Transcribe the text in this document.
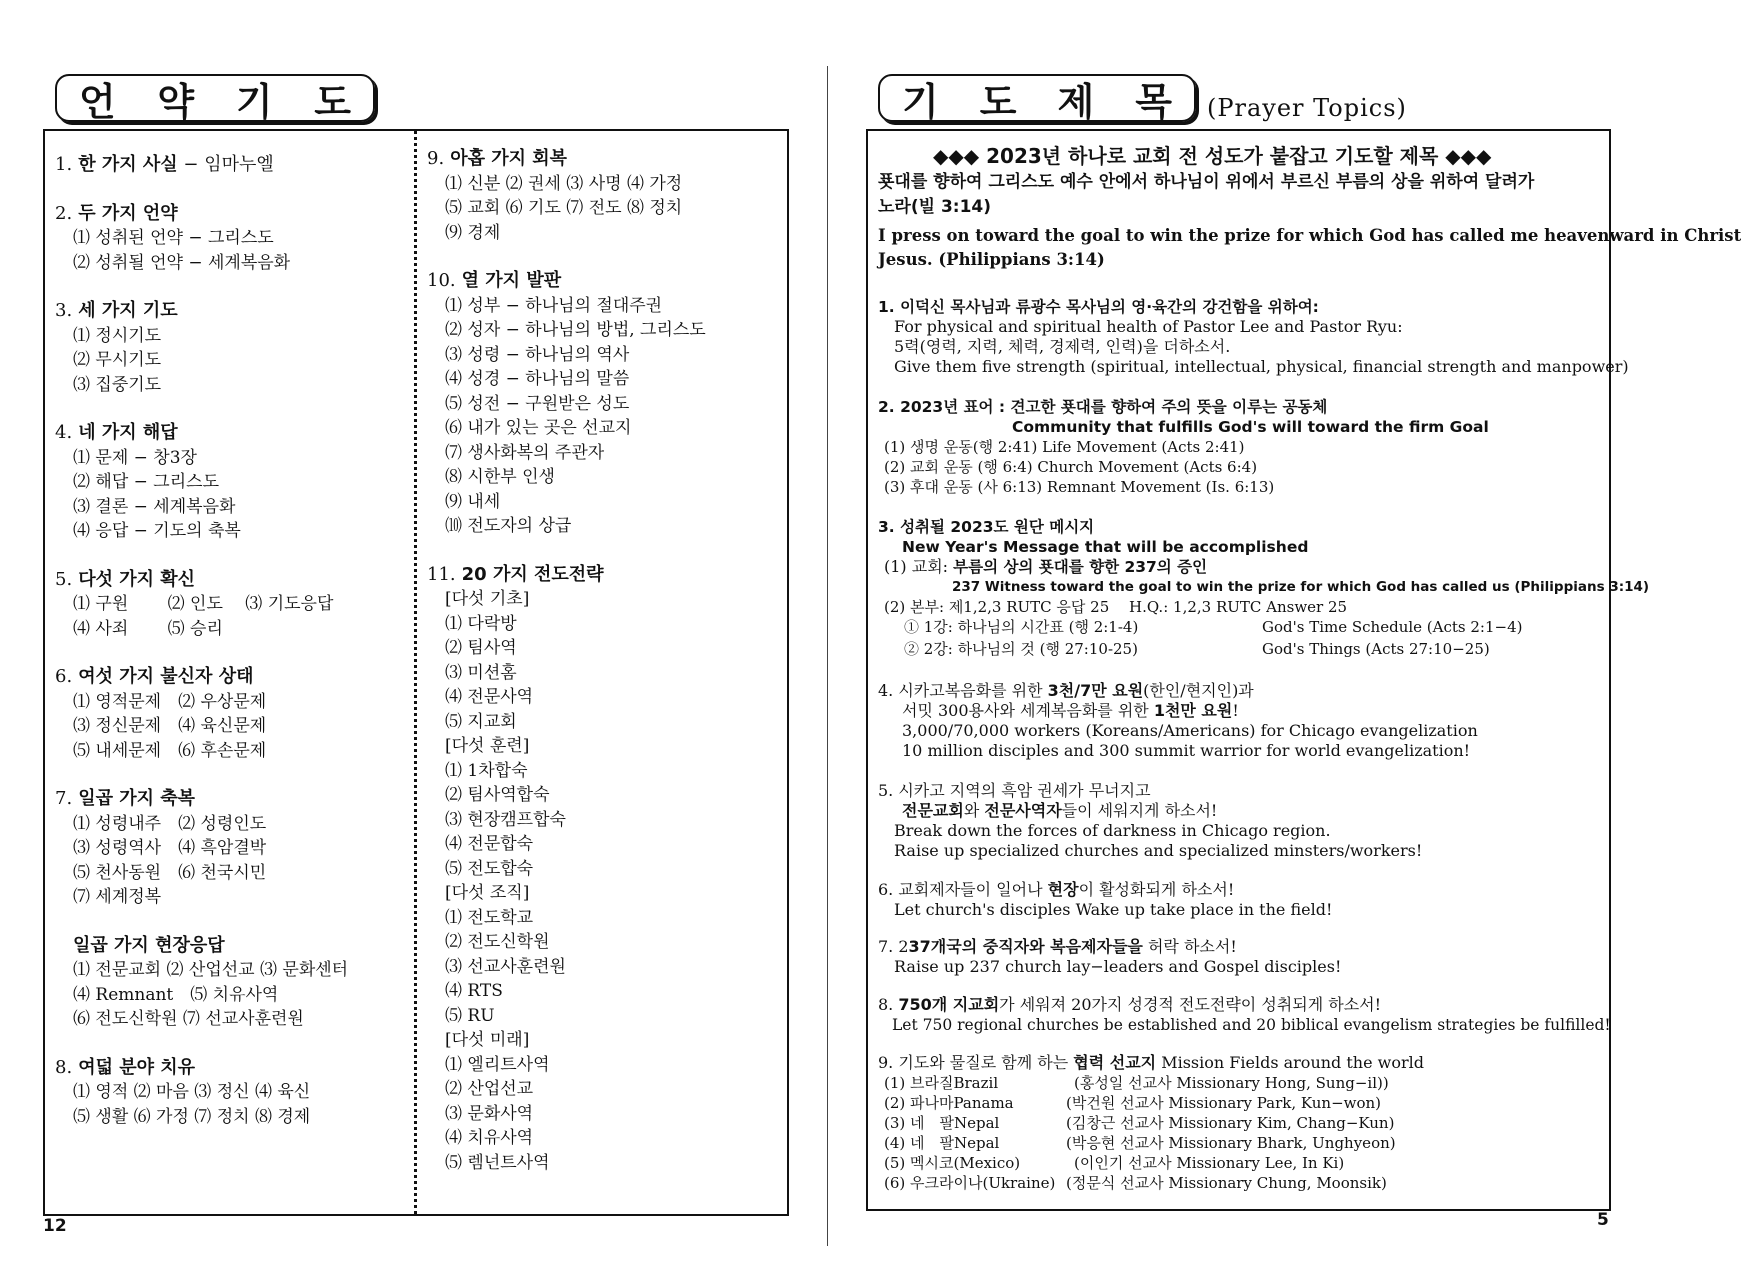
언 약 기 도
1. 한 가지 사실 − 임마누엘
2. 두 가지 언약
⑴ 성취된 언약 − 그리스도
⑵ 성취될 언약 − 세계복음화
3. 세 가지 기도
⑴ 정시기도
⑵ 무시기도
⑶ 집중기도
4. 네 가지 해답
⑴ 문제 − 창3장
⑵ 해답 − 그리스도
⑶ 결론 − 세계복음화
⑷ 응답 − 기도의 축복
5. 다섯 가지 확신
⑴ 구원　　 ⑵ 인도　 ⑶ 기도응답
⑷ 사죄　　 ⑸ 승리
6. 여섯 가지 불신자 상태
⑴ 영적문제　⑵ 우상문제
⑶ 정신문제　⑷ 육신문제
⑸ 내세문제　⑹ 후손문제
7. 일곱 가지 축복
⑴ 성령내주　⑵ 성령인도
⑶ 성령역사　⑷ 흑암결박
⑸ 천사동원　⑹ 천국시민
⑺ 세계정복
일곱 가지 현장응답
⑴ 전문교회 ⑵ 산업선교 ⑶ 문화센터
⑷ Remnant　⑸ 치유사역
⑹ 전도신학원 ⑺ 선교사훈련원
8. 여덟 분야 치유
⑴ 영적 ⑵ 마음 ⑶ 정신 ⑷ 육신
⑸ 생활 ⑹ 가정 ⑺ 정치 ⑻ 경제
9. 아홉 가지 회복
⑴ 신분 ⑵ 권세 ⑶ 사명 ⑷ 가정
⑸ 교회 ⑹ 기도 ⑺ 전도 ⑻ 정치
⑼ 경제
10. 열 가지 발판
⑴ 성부 − 하나님의 절대주권
⑵ 성자 − 하나님의 방법, 그리스도
⑶ 성령 − 하나님의 역사
⑷ 성경 − 하나님의 말씀
⑸ 성전 − 구원받은 성도
⑹ 내가 있는 곳은 선교지
⑺ 생사화복의 주관자
⑻ 시한부 인생
⑼ 내세
⑽ 전도자의 상급
11. 20 가지 전도전략
[다섯 기초]
⑴ 다락방
⑵ 팀사역
⑶ 미션홈
⑷ 전문사역
⑸ 지교회
[다섯 훈련]
⑴ 1차합숙
⑵ 팀사역합숙
⑶ 현장캠프합숙
⑷ 전문합숙
⑸ 전도합숙
[다섯 조직]
⑴ 전도학교
⑵ 전도신학원
⑶ 선교사훈련원
⑷ RTS
⑸ RU
[다섯 미래]
⑴ 엘리트사역
⑵ 산업선교
⑶ 문화사역
⑷ 치유사역
⑸ 렘넌트사역
12
기 도 제 목 (Prayer Topics)
◆◆◆ 2023년 하나로 교회 전 성도가 붙잡고 기도할 제목 ◆◆◆
푯대를 향하여 그리스도 예수 안에서 하나님이 위에서 부르신 부름의 상을 위하여 달려가
노라(빌 3:14)
I press on toward the goal to win the prize for which God has called me heavenward in Christ
Jesus. (Philippians 3:14)
1. 이덕신 목사님과 류광수 목사님의 영·육간의 강건함을 위하여:
For physical and spiritual health of Pastor Lee and Pastor Ryu:
5력(영력, 지력, 체력, 경제력, 인력)을 더하소서.
Give them five strength (spiritual, intellectual, physical, financial strength and manpower)
2. 2023년 표어 : 견고한 푯대를 향하여 주의 뜻을 이루는 공동체
Community that fulfills God's will toward the firm Goal
(1) 생명 운동(행 2:41) Life Movement (Acts 2:41)
(2) 교회 운동 (행 6:4) Church Movement (Acts 6:4)
(3) 후대 운동 (사 6:13) Remnant Movement (Is. 6:13)
3. 성취될 2023도 원단 메시지
New Year's Message that will be accomplished
(1) 교회: 부름의 상의 푯대를 향한 237의 증인
237 Witness toward the goal to win the prize for which God has called us (Philippians 3:14)
(2) 본부: 제1,2,3 RUTC 응답 25　 H.Q.: 1,2,3 RUTC Answer 25
① 1강: 하나님의 시간표 (행 2:1-4)	God's Time Schedule (Acts 2:1−4)
② 2강: 하나님의 것 (행 27:10-25)	God's Things (Acts 27:10−25)
4. 시카고복음화를 위한 3천/7만 요원(한인/현지인)과
서밋 300용사와 세계복음화를 위한 1천만 요원!
3,000/70,000 workers (Koreans/Americans) for Chicago evangelization
10 million disciples and 300 summit warrior for world evangelization!
5. 시카고 지역의 흑암 권세가 무너지고
전문교회와 전문사역자들이 세워지게 하소서!
Break down the forces of darkness in Chicago region.
Raise up specialized churches and specialized minsters/workers!
6. 교회제자들이 일어나 현장이 활성화되게 하소서!
Let church's disciples Wake up take place in the field!
7. 237개국의 중직자와 복음제자들을 허락 하소서!
Raise up 237 church lay−leaders and Gospel disciples!
8. 750개 지교회가 세워져 20가지 성경적 전도전략이 성취되게 하소서!
Let 750 regional churches be established and 20 biblical evangelism strategies be fulfilled!
9. 기도와 물질로 함께 하는 협력 선교지 Mission Fields around the world
(1) 브라질Brazil	(홍성일 선교사 Missionary Hong, Sung−il))
(2) 파나마Panama	(박건원 선교사 Missionary Park, Kun−won)
(3) 네　팔Nepal	(김창근 선교사 Missionary Kim, Chang−Kun)
(4) 네　팔Nepal	(박응현 선교사 Missionary Bhark, Unghyeon)
(5) 멕시코(Mexico)	(이인기 선교사 Missionary Lee, In Ki)
(6) 우크라이나(Ukraine) (정문식 선교사 Missionary Chung, Moonsik)
5
